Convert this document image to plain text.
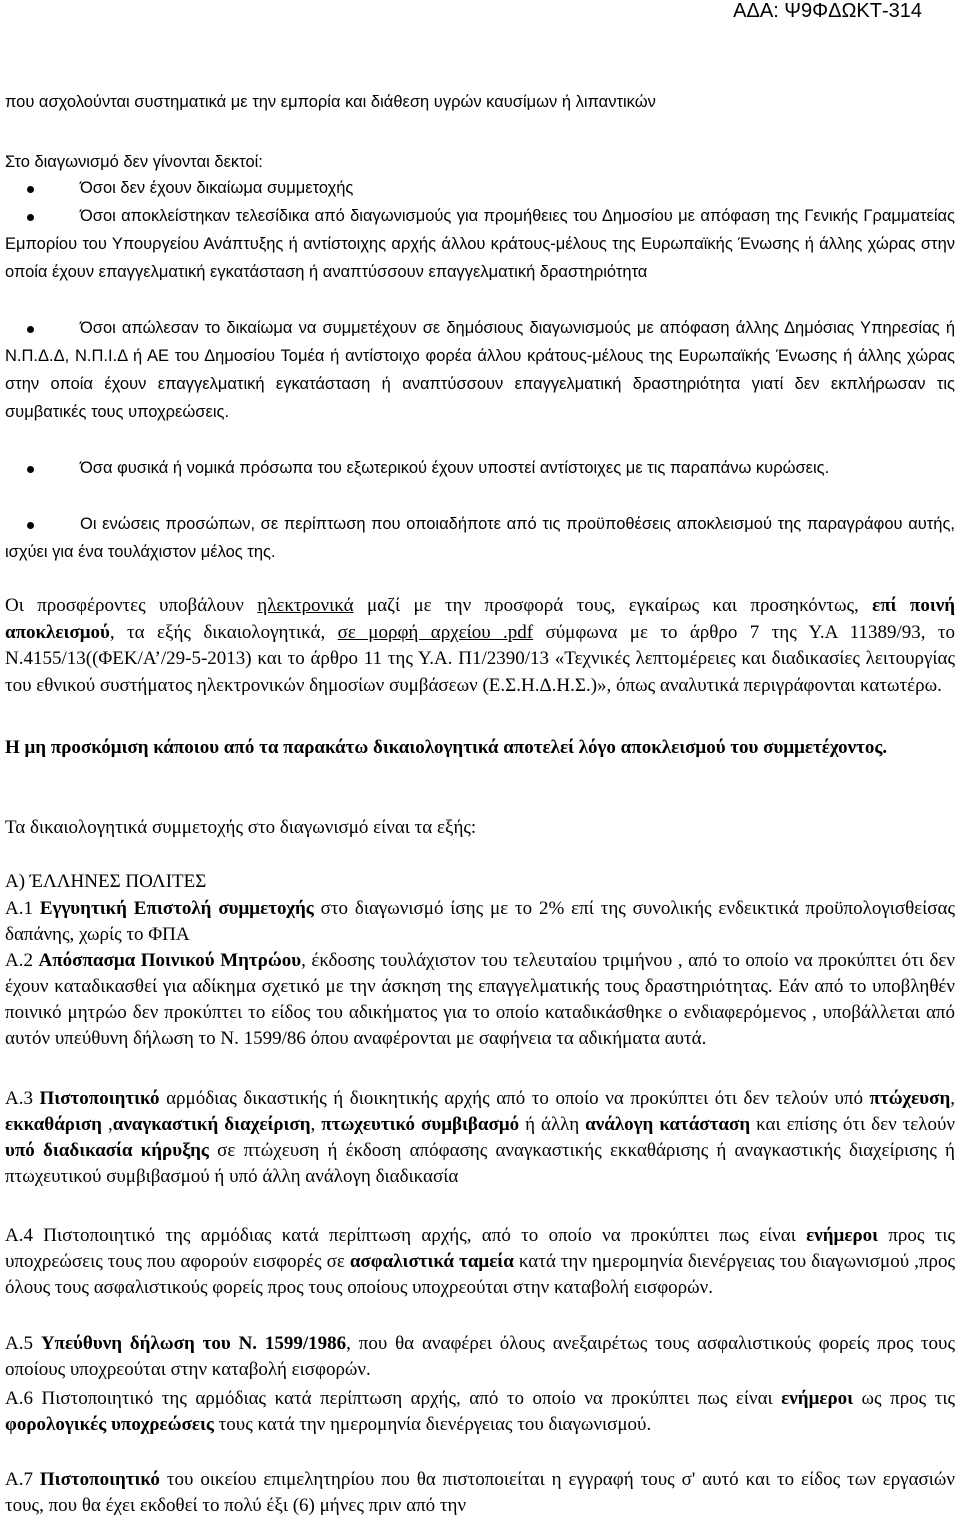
ΑΔΑ: Ψ9ΦΔΩΚΤ-314
που ασχολούνται συστηματικά με την εμπορία και διάθεση υγρών καυσίμων ή λιπαντικών
Στο διαγωνισμό δεν γίνονται δεκτοί:
Όσοι δεν έχουν δικαίωμα συμμετοχής
Όσοι αποκλείστηκαν τελεσίδικα από διαγωνισμούς για προμήθειες του Δημοσίου με απόφαση της Γενικής Γραμματείας Εμπορίου του Υπουργείου Ανάπτυξης ή αντίστοιχης αρχής άλλου κράτους-μέλους της Ευρωπαϊκής Ένωσης ή άλλης χώρας στην οποία έχουν επαγγελματική εγκατάσταση ή αναπτύσσουν επαγγελματική δραστηριότητα
Όσοι απώλεσαν το δικαίωμα να συμμετέχουν σε δημόσιους διαγωνισμούς με απόφαση άλλης Δημόσιας Υπηρεσίας ή Ν.Π.Δ.Δ, Ν.Π.Ι.Δ ή ΑΕ του Δημοσίου Τομέα ή αντίστοιχο φορέα άλλου κράτους-μέλους της Ευρωπαϊκής Ένωσης ή άλλης χώρας στην οποία έχουν επαγγελματική εγκατάσταση ή αναπτύσσουν επαγγελματική δραστηριότητα γιατί δεν εκπλήρωσαν τις συμβατικές τους υποχρεώσεις.
Όσα φυσικά ή νομικά πρόσωπα του εξωτερικού έχουν υποστεί αντίστοιχες με τις παραπάνω κυρώσεις.
Οι ενώσεις προσώπων, σε περίπτωση που οποιαδήποτε από τις προϋποθέσεις αποκλεισμού της παραγράφου αυτής, ισχύει για ένα τουλάχιστον μέλος της.
Οι προσφέροντες υποβάλουν ηλεκτρονικά μαζί με την προσφορά τους, εγκαίρως και προσηκόντως, επί ποινή αποκλεισμού, τα εξής δικαιολογητικά, σε μορφή αρχείου .pdf σύμφωνα με το άρθρο 7 της Υ.Α 11389/93, το Ν.4155/13((ΦΕΚ/Α’/29-5-2013) και το άρθρο 11 της Υ.Α. Π1/2390/13 «Τεχνικές λεπτομέρειες και διαδικασίες λειτουργίας του εθνικού συστήματος ηλεκτρονικών δημοσίων συμβάσεων (Ε.Σ.Η.Δ.Η.Σ.)», όπως αναλυτικά περιγράφονται κατωτέρω.
Η μη προσκόμιση κάποιου από τα παρακάτω δικαιολογητικά αποτελεί λόγο αποκλεισμού του συμμετέχοντος.
Τα δικαιολογητικά συμμετοχής στο διαγωνισμό είναι τα εξής:
Α) ΈΛΛΗΝΕΣ ΠΟΛΙΤΕΣ
Α.1 Εγγυητική Επιστολή συμμετοχής στο διαγωνισμό ίσης με το 2% επί της συνολικής ενδεικτικά προϋπολογισθείσας δαπάνης, χωρίς το ΦΠΑ
Α.2 Απόσπασμα Ποινικού Μητρώου, έκδοσης τουλάχιστον του τελευταίου τριμήνου , από το οποίο να προκύπτει ότι δεν έχουν καταδικασθεί για αδίκημα σχετικό με την άσκηση της επαγγελματικής τους δραστηριότητας. Εάν από το υποβληθέν ποινικό μητρώο δεν προκύπτει το είδος του αδικήματος για το οποίο καταδικάσθηκε ο ενδιαφερόμενος , υποβάλλεται από αυτόν υπεύθυνη δήλωση το Ν. 1599/86 όπου αναφέρονται με σαφήνεια τα αδικήματα αυτά.
Α.3 Πιστοποιητικό αρμόδιας δικαστικής ή διοικητικής αρχής από το οποίο να προκύπτει ότι δεν τελούν υπό πτώχευση, εκκαθάριση ,αναγκαστική διαχείριση, πτωχευτικό συμβιβασμό ή άλλη ανάλογη κατάσταση και επίσης ότι δεν τελούν υπό διαδικασία κήρυξης σε πτώχευση ή έκδοση απόφασης αναγκαστικής εκκαθάρισης ή αναγκαστικής διαχείρισης ή πτωχευτικού συμβιβασμού ή υπό άλλη ανάλογη διαδικασία
Α.4 Πιστοποιητικό της αρμόδιας κατά περίπτωση αρχής, από το οποίο να προκύπτει πως είναι ενήμεροι προς τις υποχρεώσεις τους που αφορούν εισφορές σε ασφαλιστικά ταμεία κατά την ημερομηνία διενέργειας του διαγωνισμού ,προς όλους τους ασφαλιστικούς φορείς προς τους οποίους υποχρεούται στην καταβολή εισφορών.
Α.5 Υπεύθυνη δήλωση του Ν. 1599/1986, που θα αναφέρει όλους ανεξαιρέτως τους ασφαλιστικούς φορείς προς τους οποίους υποχρεούται στην καταβολή εισφορών.
Α.6 Πιστοποιητικό της αρμόδιας κατά περίπτωση αρχής, από το οποίο να προκύπτει πως είναι ενήμεροι ως προς τις φορολογικές υποχρεώσεις τους κατά την ημερομηνία διενέργειας του διαγωνισμού.
Α.7 Πιστοποιητικό του οικείου επιμελητηρίου που θα πιστοποιείται η εγγραφή τους σ' αυτό και το είδος των εργασιών τους, που θα έχει εκδοθεί το πολύ έξι (6) μήνες πριν από την
